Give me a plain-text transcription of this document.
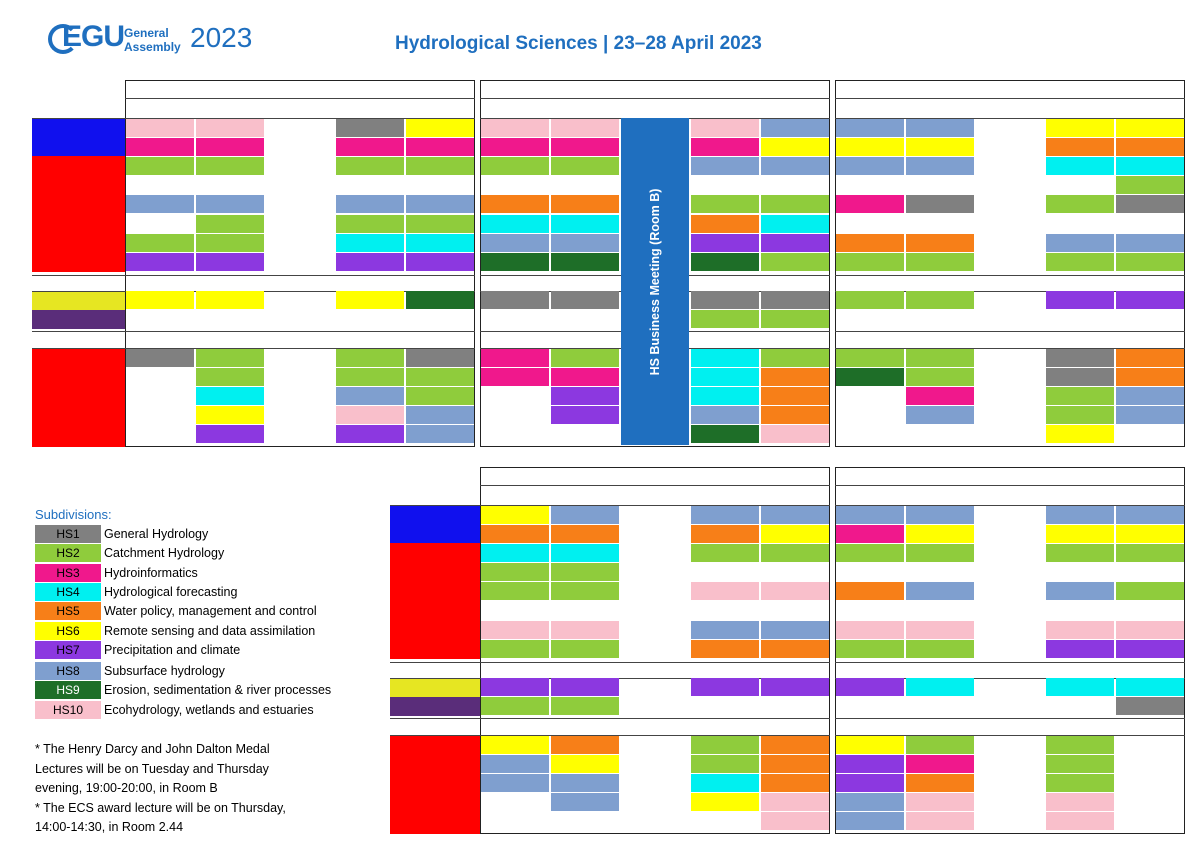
EGU General
Assembly 2023	Hydrological Sciences | 23–28 April 2023
HS Business Meeting (Room B)
Subdivisions:
HS1	General Hydrology
HS2	Catchment Hydrology
HS3	Hydroinformatics
HS4	Hydrological forecasting
HS5	Water policy, management and control
HS6	Remote sensing and data assimilation
HS7	Precipitation and climate
HS8	Subsurface hydrology
HS9	Erosion, sedimentation & river processes
HS10	Ecohydrology, wetlands and estuaries
* The Henry Darcy and John Dalton Medal
Lectures will be on Tuesday and Thursday
evening, 19:00-20:00, in Room B
* The ECS award lecture will be on Thursday,
14:00-14:30, in Room 2.44
